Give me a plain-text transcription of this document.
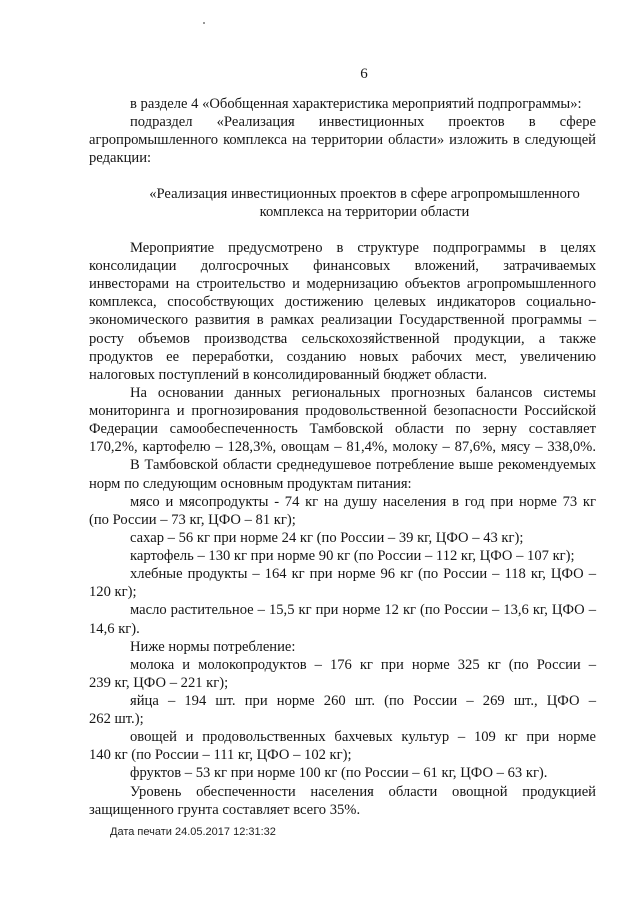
6
в разделе 4 «Обобщенная характеристика мероприятий подпрограммы»:
подраздел «Реализация инвестиционных проектов в сфере
агропромышленного комплекса на территории области» изложить в следующей
редакции:
«Реализация инвестиционных проектов в сфере агропромышленного
комплекса на территории области
Мероприятие предусмотрено в структуре подпрограммы в целях
консолидации долгосрочных финансовых вложений, затрачиваемых
инвесторами на строительство и модернизацию объектов агропромышленного
комплекса, способствующих достижению целевых индикаторов социально-
экономического развития в рамках реализации Государственной программы –
росту объемов производства сельскохозяйственной продукции, а также
продуктов ее переработки, созданию новых рабочих мест, увеличению
налоговых поступлений в консолидированный бюджет области.
На основании данных региональных прогнозных балансов системы
мониторинга и прогнозирования продовольственной безопасности Российской
Федерации самообеспеченность Тамбовской области по зерну составляет
170,2%, картофелю – 128,3%, овощам – 81,4%, молоку – 87,6%, мясу – 338,0%.
В Тамбовской области среднедушевое потребление выше рекомендуемых
норм по следующим основным продуктам питания:
мясо и мясопродукты - 74 кг на душу населения в год при норме 73 кг
(по России – 73 кг, ЦФО – 81 кг);
сахар – 56 кг при норме 24 кг (по России – 39 кг, ЦФО – 43 кг);
картофель – 130 кг при норме 90 кг (по России – 112 кг, ЦФО – 107 кг);
хлебные продукты – 164 кг при норме 96 кг (по России – 118 кг, ЦФО –
120 кг);
масло растительное – 15,5 кг при норме 12 кг (по России – 13,6 кг, ЦФО –
14,6 кг).
Ниже нормы потребление:
молока и молокопродуктов – 176 кг при норме 325 кг (по России –
239 кг, ЦФО – 221 кг);
яйца – 194 шт. при норме 260 шт. (по России – 269 шт., ЦФО –
262 шт.);
овощей и продовольственных бахчевых культур – 109 кг при норме
140 кг (по России – 111 кг, ЦФО – 102 кг);
фруктов – 53 кг при норме 100 кг (по России – 61 кг, ЦФО – 63 кг).
Уровень обеспеченности населения области овощной продукцией
защищенного грунта составляет всего 35%.
Дата печати 24.05.2017 12:31:32
